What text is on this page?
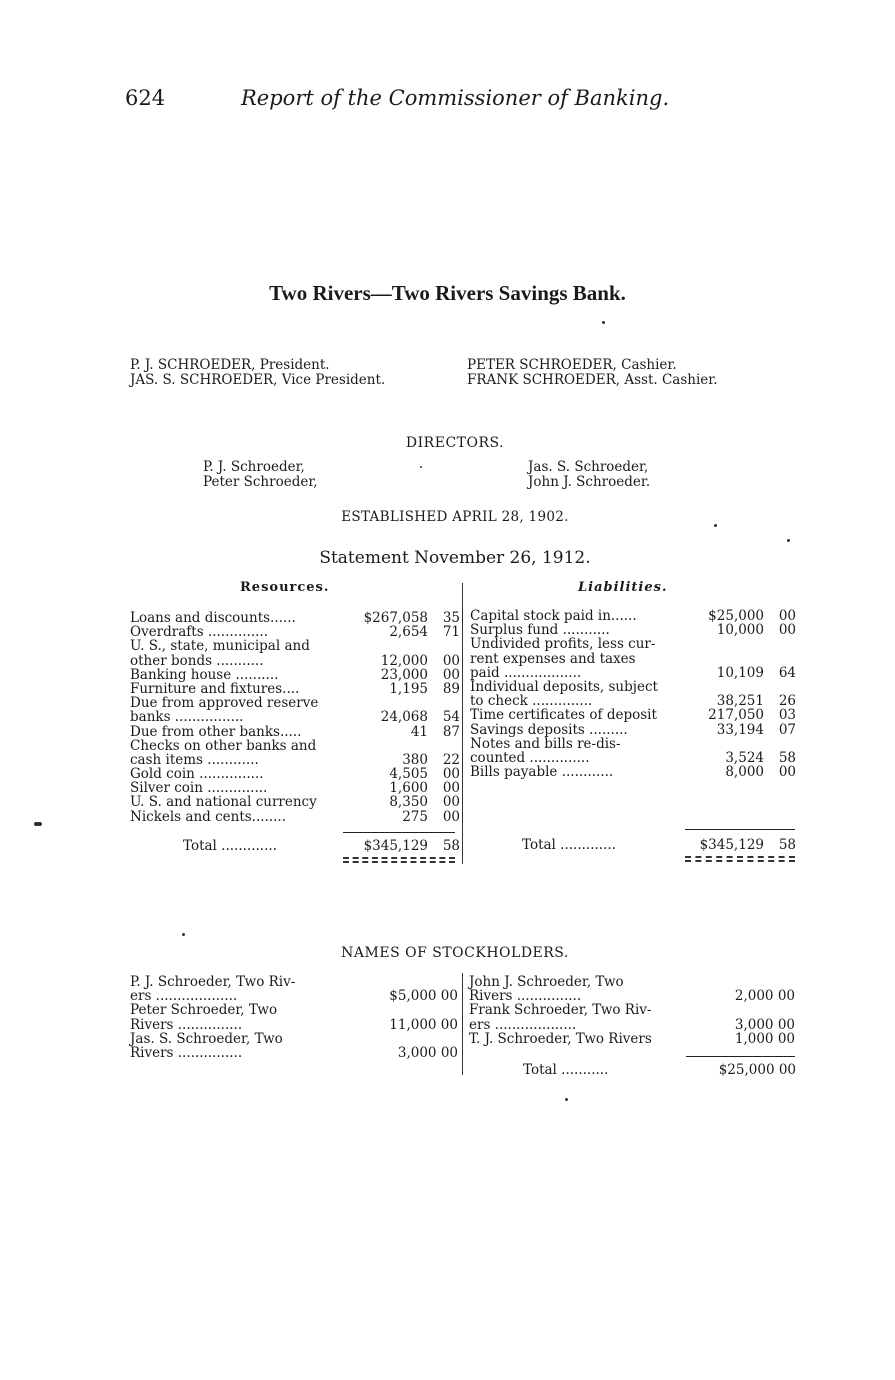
624	Report of the Commissioner of Banking.
Two Rivers—Two Rivers Savings Bank.
P. J. SCHROEDER, President.
JAS. S. SCHROEDER, Vice President.
PETER SCHROEDER, Cashier.
FRANK SCHROEDER, Asst. Cashier.
DIRECTORS.
P. J. Schroeder,
Peter Schroeder,
Jas. S. Schroeder,
John J. Schroeder.
ESTABLISHED APRIL 28, 1902.
Statement November 26, 1912.
Resources.	Liabilities.
Loans and discounts......	$267,058	35
Overdrafts ..............	2,654	71
U. S., state, municipal and
other bonds ...........	12,000	00
Banking house ..........	23,000	00
Furniture and fixtures....	1,195	89
Due from approved reserve
banks ................	24,068	54
Due from other banks.....	41	87
Checks on other banks and
cash items ............	380	22
Gold coin ...............	4,505	00
Silver coin ..............	1,600	00
U. S. and national currency	8,350	00
Nickels and cents........	275	00
Capital stock paid in......	$25,000	00
Surplus fund ...........	10,000	00
Undivided profits, less cur-
rent expenses and taxes
paid ..................	10,109	64
Individual deposits, subject
to check ..............	38,251	26
Time certificates of deposit	217,050	03
Savings deposits .........	33,194	07
Notes and bills re-dis-
counted ..............	3,524	58
Bills payable ............	8,000	00
Total .............	$345,129	58	Total .............	$345,129	58
NAMES OF STOCKHOLDERS.
P. J. Schroeder, Two Riv-
ers ...................	$5,000 00
Peter Schroeder, Two
Rivers ...............	11,000 00
Jas. S. Schroeder, Two
Rivers ...............	3,000 00
John J. Schroeder, Two
Rivers ...............	2,000 00
Frank Schroeder, Two Riv-
ers ...................	3,000 00
T. J. Schroeder, Two Rivers	1,000 00
Total ...........	$25,000 00
